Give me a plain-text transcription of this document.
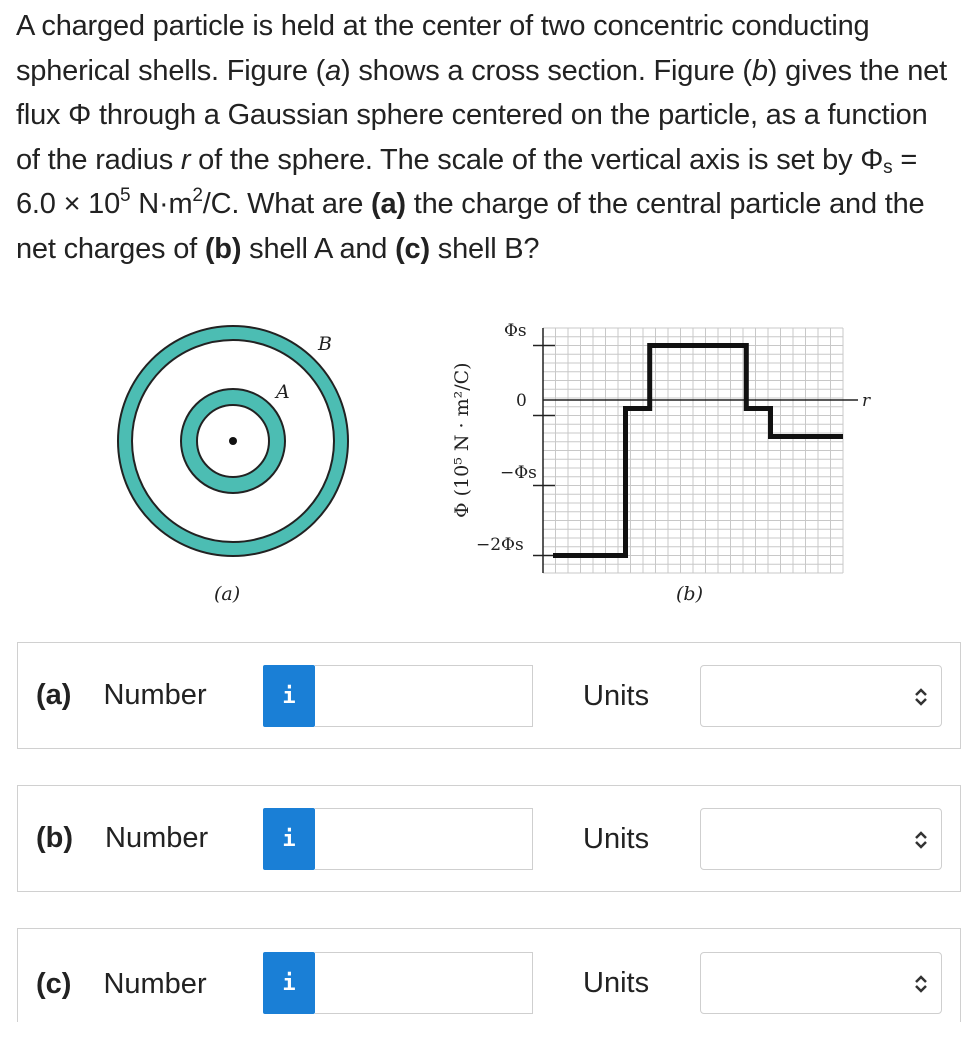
A charged particle is held at the center of two concentric conducting spherical shells. Figure (a) shows a cross section. Figure (b) gives the net flux Φ through a Gaussian sphere centered on the particle, as a function of the radius r of the sphere. The scale of the vertical axis is set by $\Phi_s = 6.0 \times 10^5$ $N\cdot m^2/C$. What are (a) the charge of the central particle and the net charges of (b) shell A and (c) shell B?
B
A
(a)
r
Φ (10⁵ N · m²/C)
Φs
0
−Φs
−2Φs
(b)
(a) Number	i	Units
(b) Number	i	Units
(c) Number	i	Units
